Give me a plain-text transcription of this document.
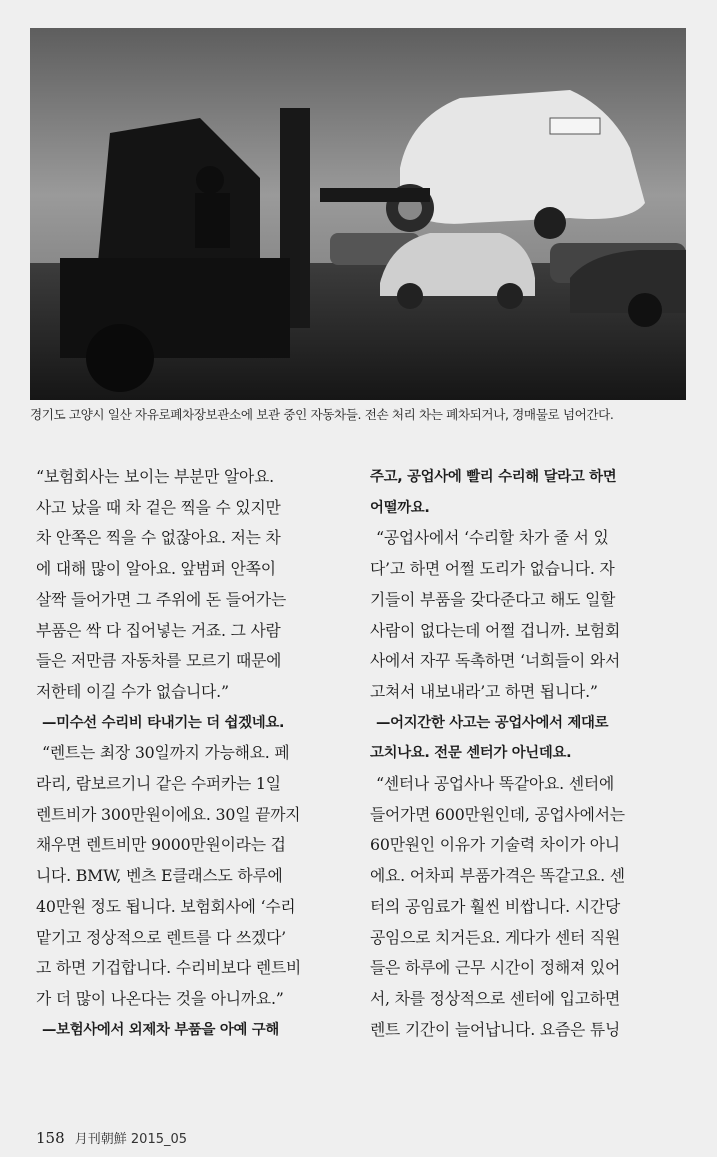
경기도 고양시 일산 자유로폐차장보관소에 보관 중인 자동차들. 전손 처리 차는 폐차되거나, 경매물로 넘어간다.

“보험회사는 보이는 부분만 알아요.
사고 났을 때 차 겉은 찍을 수 있지만
차 안쪽은 찍을 수 없잖아요. 저는 차
에 대해 많이 알아요. 앞범퍼 안쪽이
살짝 들어가면 그 주위에 돈 들어가는
부품은 싹 다 집어넣는 거죠. 그 사람
들은 저만큼 자동차를 모르기 때문에
저한테 이길 수가 없습니다.”

—미수선 수리비 타내기는 더 쉽겠네요.

“렌트는 최장 30일까지 가능해요. 페
라리, 람보르기니 같은 수퍼카는 1일
렌트비가 300만원이에요. 30일 끝까지
채우면 렌트비만 9000만원이라는 겁
니다. BMW, 벤츠 E클래스도 하루에
40만원 정도 됩니다. 보험회사에 ‘수리
맡기고 정상적으로 렌트를 다 쓰겠다’
고 하면 기겁합니다. 수리비보다 렌트비
가 더 많이 나온다는 것을 아니까요.”

—보험사에서 외제차 부품을 아예 구해

주고, 공업사에 빨리 수리해 달라고 하면
어떨까요.

“공업사에서 ‘수리할 차가 줄 서 있
다’고 하면 어쩔 도리가 없습니다. 자
기들이 부품을 갖다준다고 해도 일할
사람이 없다는데 어쩔 겁니까. 보험회
사에서 자꾸 독촉하면 ‘너희들이 와서
고쳐서 내보내라’고 하면 됩니다.”

—어지간한 사고는 공업사에서 제대로
고치나요. 전문 센터가 아닌데요.

“센터나 공업사나 똑같아요. 센터에
들어가면 600만원인데, 공업사에서는
60만원인 이유가 기술력 차이가 아니
에요. 어차피 부품가격은 똑같고요. 센
터의 공임료가 훨씬 비쌉니다. 시간당
공임으로 치거든요. 게다가 센터 직원
들은 하루에 근무 시간이 정해져 있어
서, 차를 정상적으로 센터에 입고하면
렌트 기간이 늘어납니다. 요즘은 튜닝

158 月刊朝鮮 2015_05
